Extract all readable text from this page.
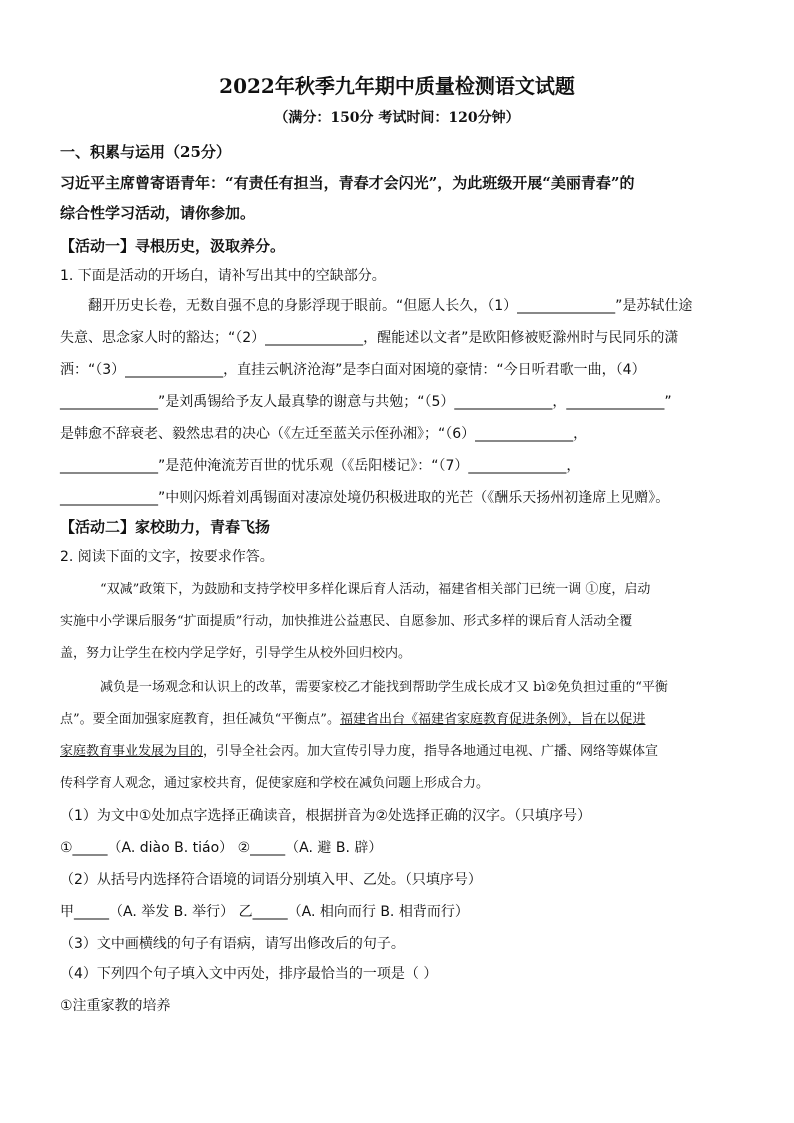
2022年秋季九年期中质量检测语文试题
（满分：150分 考试时间：120分钟）
一、积累与运用（25分）
习近平主席曾寄语青年：“有责任有担当，青春才会闪光”，为此班级开展“美丽青春”的
综合性学习活动，请你参加。
【活动一】寻根历史，汲取养分。
1. 下面是活动的开场白，请补写出其中的空缺部分。
翻开历史长卷，无数自强不息的身影浮现于眼前。“但愿人长久，（1）______________”是苏轼仕途
失意、思念家人时的豁达；“（2）______________，醒能述以文者”是欧阳修被贬滁州时与民同乐的潇
洒：“（3）______________，直挂云帆济沧海”是李白面对困境的豪情：“今日听君歌一曲，（4）
______________”是刘禹锡给予友人最真挚的谢意与共勉；“（5）______________，______________”
是韩愈不辞衰老、毅然忠君的决心（《左迁至蓝关示侄孙湘》；“（6）______________，
______________”是范仲淹流芳百世的忧乐观（《岳阳楼记》：“（7）______________，
______________”中则闪烁着刘禹锡面对凄凉处境仍积极进取的光芒（《酬乐天扬州初逢席上见赠》。
【活动二】家校助力，青春飞扬
2. 阅读下面的文字，按要求作答。
“双减”政策下，为鼓励和支持学校甲多样化课后育人活动，福建省相关部门已统一调 ①度，启动
实施中小学课后服务“扩面提质”行动，加快推进公益惠民、自愿参加、形式多样的课后育人活动全覆
盖，努力让学生在校内学足学好，引导学生从校外回归校内。
减负是一场观念和认识上的改革，需要家校乙才能找到帮助学生成长成才又 bì②免负担过重的“平衡
点”。要全面加强家庭教育，担任减负“平衡点”。福建省出台《福建省家庭教育促进条例》，旨在以促进
家庭教育事业发展为目的，引导全社会丙。加大宣传引导力度，指导各地通过电视、广播、网络等媒体宣
传科学育人观念，通过家校共育，促使家庭和学校在减负问题上形成合力。
（1）为文中①处加点字选择正确读音，根据拼音为②处选择正确的汉字。（只填序号）
①_____（A. diào B. tiáo） ②_____（A. 避 B. 辟）
（2）从括号内选择符合语境的词语分别填入甲、乙处。（只填序号）
甲_____（A. 举发 B. 举行） 乙_____（A. 相向而行 B. 相背而行）
（3）文中画横线的句子有语病，请写出修改后的句子。
（4）下列四个句子填入文中丙处，排序最恰当的一项是（ ）
①注重家教的培养
